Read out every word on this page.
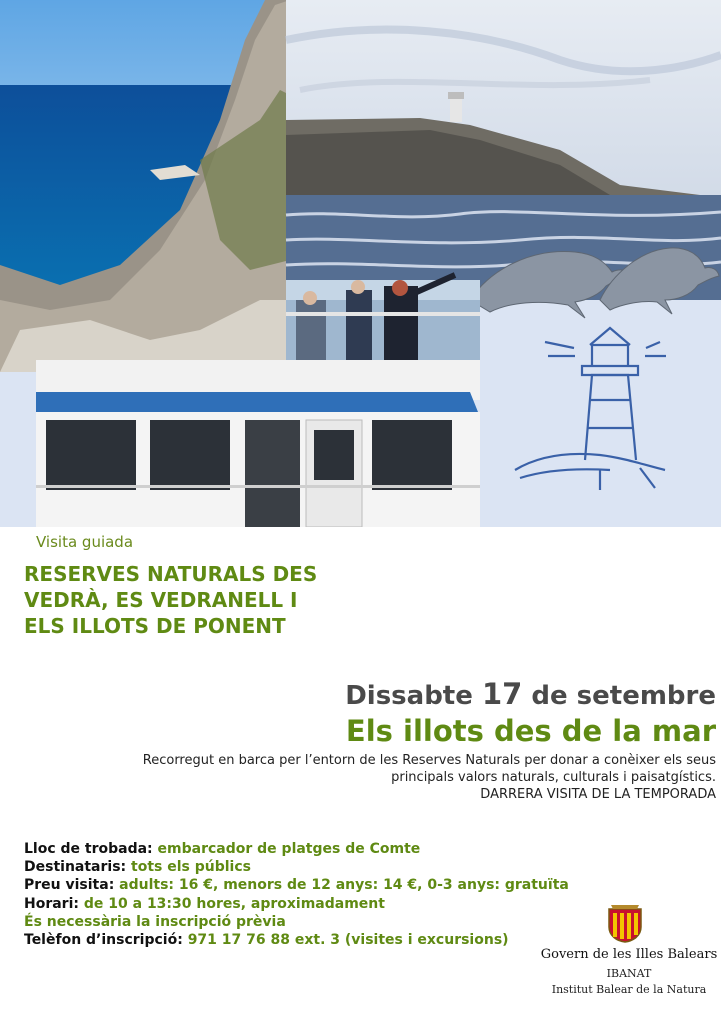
Visita guiada
RESERVES NATURALS DES
VEDRÀ, ES VEDRANELL I
ELS ILLOTS DE PONENT
Dissabte 17 de setembre
Els illots des de la mar
Recorregut en barca per l’entorn de les Reserves Naturals per donar a conèixer els seus
principals valors naturals, culturals i paisatgístics.
DARRERA VISITA DE LA TEMPORADA
Lloc de trobada: embarcador de platges de Comte
Destinataris: tots els públics
Preu visita: adults: 16 €, menors de 12 anys: 14 €, 0-3 anys: gratuïta
Horari: de 10 a 13:30 hores, aproximadament
És necessària la inscripció prèvia
Telèfon d’inscripció: 971 17 76 88 ext. 3 (visites i excursions)
Govern de les Illes Balears
IBANAT
Institut Balear de la Natura
